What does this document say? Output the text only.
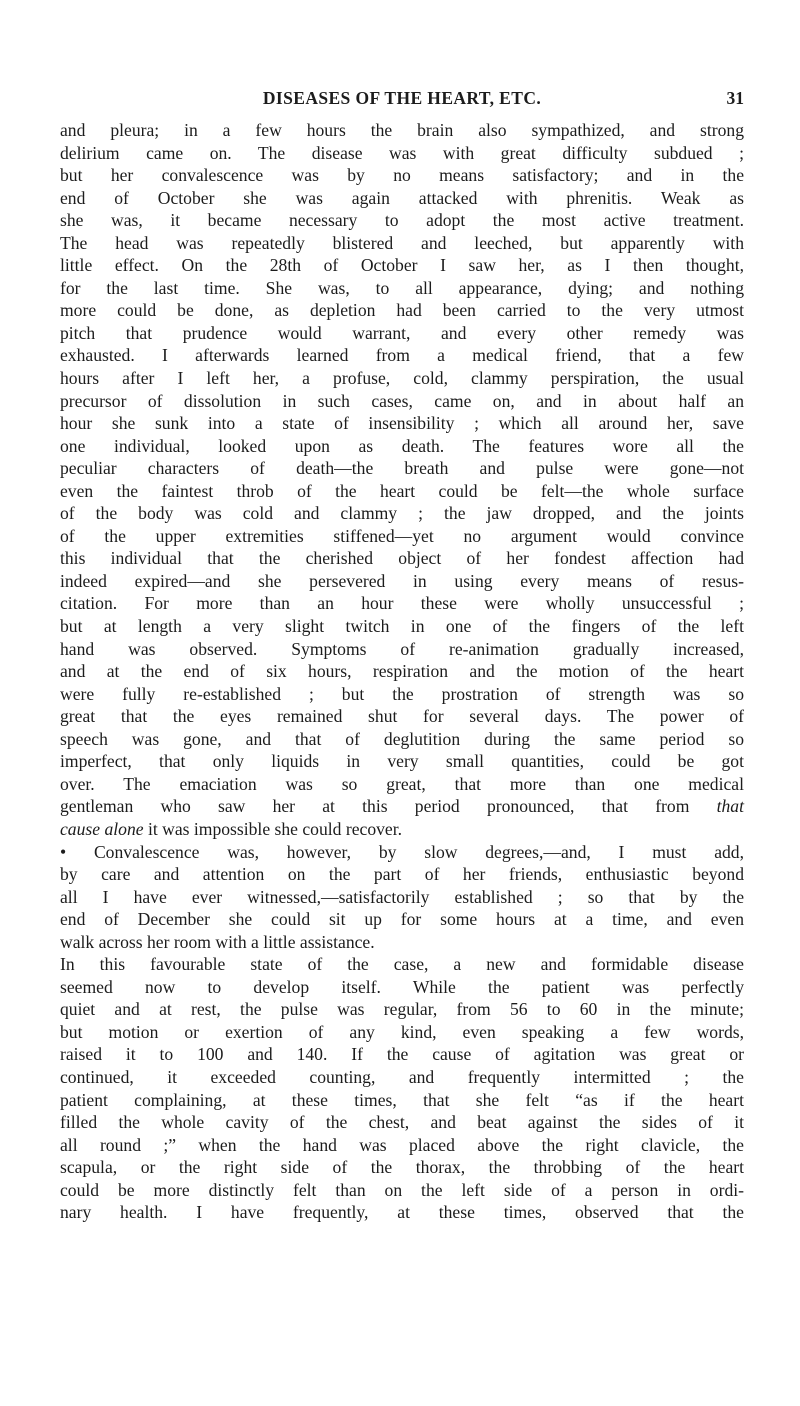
DISEASES OF THE HEART, ETC.	31
and pleura; in a few hours the brain also sympathized, and strong
delirium came on. The disease was with great difficulty subdued ;
but her convalescence was by no means satisfactory; and in the
end of October she was again attacked with phrenitis. Weak as
she was, it became necessary to adopt the most active treatment.
The head was repeatedly blistered and leeched, but apparently with
little effect. On the 28th of October I saw her, as I then thought,
for the last time. She was, to all appearance, dying; and nothing
more could be done, as depletion had been carried to the very utmost
pitch that prudence would warrant, and every other remedy was
exhausted. I afterwards learned from a medical friend, that a few
hours after I left her, a profuse, cold, clammy perspiration, the usual
precursor of dissolution in such cases, came on, and in about half an
hour she sunk into a state of insensibility ; which all around her, save
one individual, looked upon as death. The features wore all the
peculiar characters of death—the breath and pulse were gone—not
even the faintest throb of the heart could be felt—the whole surface
of the body was cold and clammy ; the jaw dropped, and the joints
of the upper extremities stiffened—yet no argument would convince
this individual that the cherished object of her fondest affection had
indeed expired—and she persevered in using every means of resus-
citation. For more than an hour these were wholly unsuccessful ;
but at length a very slight twitch in one of the fingers of the left
hand was observed. Symptoms of re-animation gradually increased,
and at the end of six hours, respiration and the motion of the heart
were fully re-established ; but the prostration of strength was so
great that the eyes remained shut for several days. The power of
speech was gone, and that of deglutition during the same period so
imperfect, that only liquids in very small quantities, could be got
over. The emaciation was so great, that more than one medical
gentleman who saw her at this period pronounced, that from that
cause alone it was impossible she could recover.
• Convalescence was, however, by slow degrees,—and, I must add,
by care and attention on the part of her friends, enthusiastic beyond
all I have ever witnessed,—satisfactorily established ; so that by the
end of December she could sit up for some hours at a time, and even
walk across her room with a little assistance.
In this favourable state of the case, a new and formidable disease
seemed now to develop itself. While the patient was perfectly
quiet and at rest, the pulse was regular, from 56 to 60 in the minute;
but motion or exertion of any kind, even speaking a few words,
raised it to 100 and 140. If the cause of agitation was great or
continued, it exceeded counting, and frequently intermitted ; the
patient complaining, at these times, that she felt “as if the heart
filled the whole cavity of the chest, and beat against the sides of it
all round ;” when the hand was placed above the right clavicle, the
scapula, or the right side of the thorax, the throbbing of the heart
could be more distinctly felt than on the left side of a person in ordi-
nary health. I have frequently, at these times, observed that the
